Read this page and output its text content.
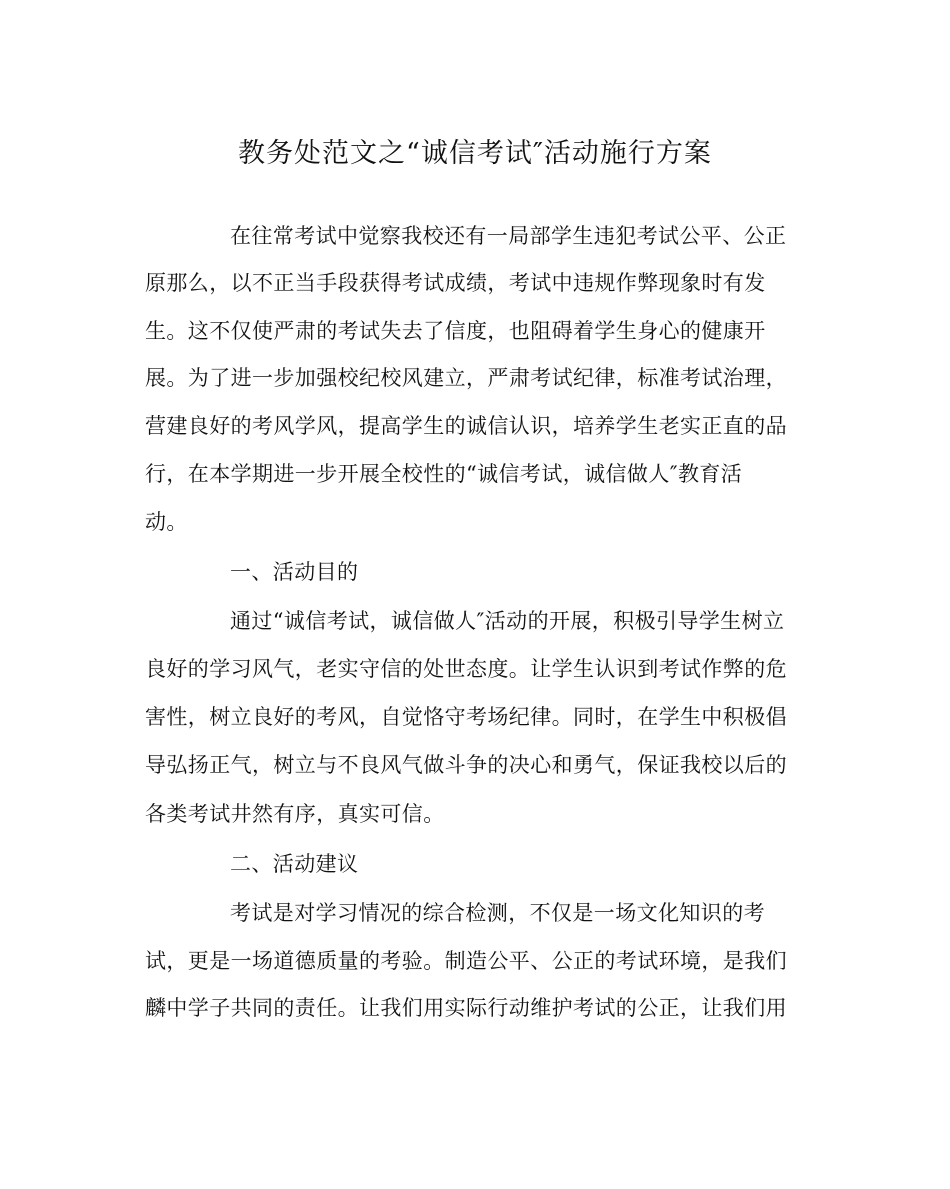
教务处范文之“诚信考试″活动施行方案
在往常考试中觉察我校还有一局部学生违犯考试公平、公正
原那么，以不正当手段获得考试成绩，考试中违规作弊现象时有发
生。这不仅使严肃的考试失去了信度，也阻碍着学生身心的健康开
展。为了进一步加强校纪校风建立，严肃考试纪律，标准考试治理，
营建良好的考风学风，提高学生的诚信认识，培养学生老实正直的品
行，在本学期进一步开展全校性的“诚信考试，诚信做人″教育活
动。
一、活动目的
通过“诚信考试，诚信做人″活动的开展，积极引导学生树立
良好的学习风气，老实守信的处世态度。让学生认识到考试作弊的危
害性，树立良好的考风，自觉恪守考场纪律。同时，在学生中积极倡
导弘扬正气，树立与不良风气做斗争的决心和勇气，保证我校以后的
各类考试井然有序，真实可信。
二、活动建议
考试是对学习情况的综合检测，不仅是一场文化知识的考
试，更是一场道德质量的考验。制造公平、公正的考试环境，是我们
麟中学子共同的责任。让我们用实际行动维护考试的公正，让我们用
